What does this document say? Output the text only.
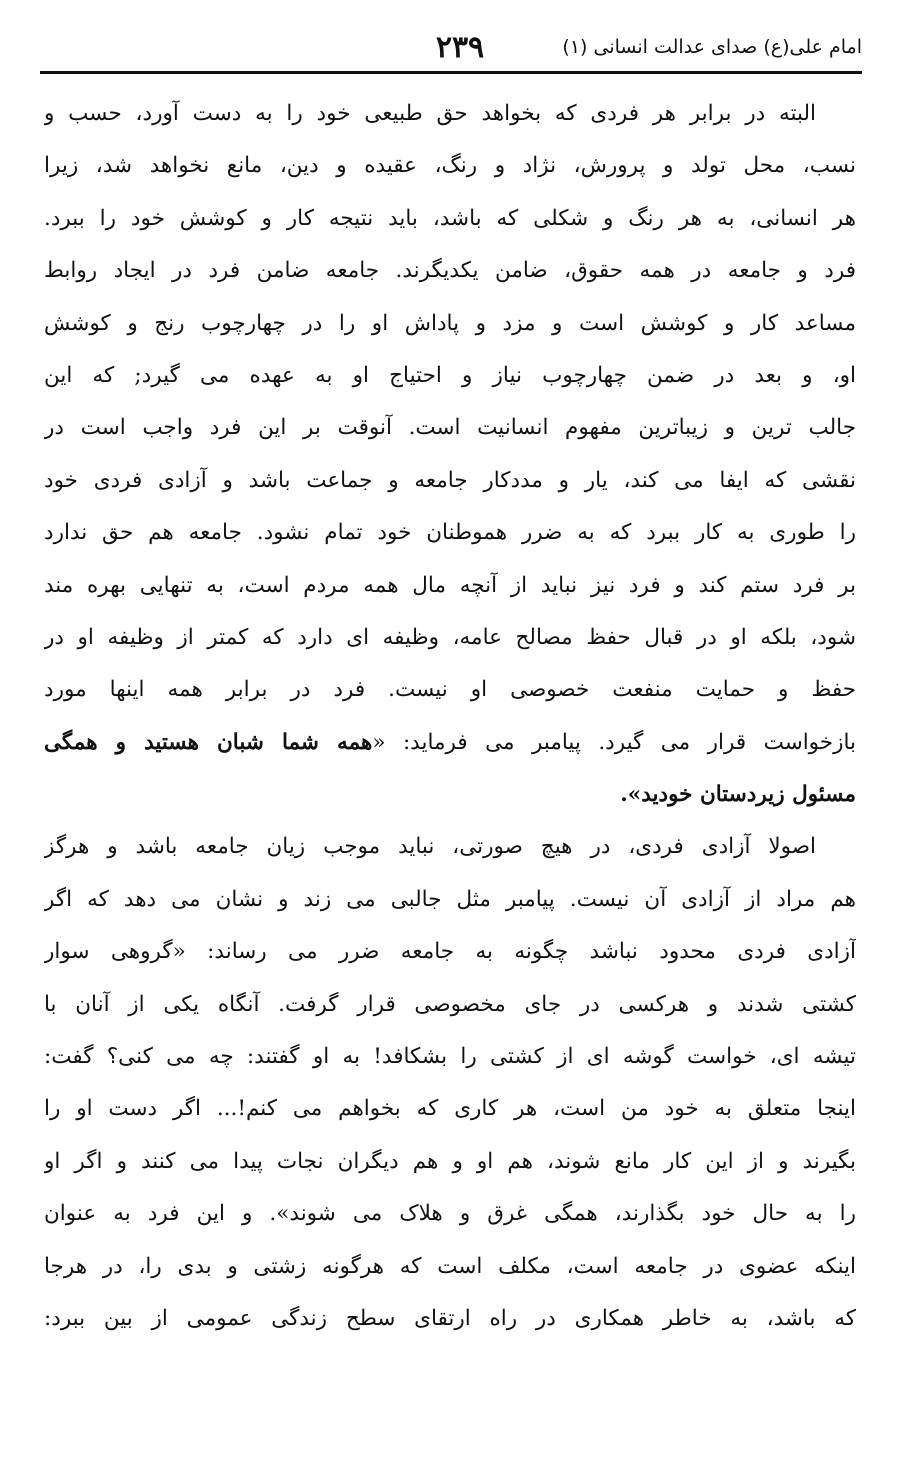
امام علی(ع) صدای عدالت انسانی (۱)
۲۳۹
البته در برابر هر فردی که بخواهد حق طبیعی خود را به دست آورد، حسب و
نسب، محل تولد و پرورش، نژاد و رنگ، عقیده و دین، مانع نخواهد شد، زیرا
هر انسانی، به هر رنگ و شکلی که باشد، باید نتیجه کار و کوشش خود را ببرد.
فرد و جامعه در همه حقوق، ضامن یکدیگرند. جامعه ضامن فرد در ایجاد روابط
مساعد کار و کوشش است و مزد و پاداش او را در چهارچوب رنج و کوشش
او، و بعد در ضمن چهارچوب نیاز و احتیاج او به عهده می گیرد; که این
جالب ترین و زیباترین مفهوم انسانیت است. آنوقت بر این فرد واجب است در
نقشی که ایفا می کند، یار و مددکار جامعه و جماعت باشد و آزادی فردی خود
را طوری به کار ببرد که به ضرر هموطنان خود تمام نشود. جامعه هم حق ندارد
بر فرد ستم کند و فرد نیز نباید از آنچه مال همه مردم است، به تنهایی بهره مند
شود، بلکه او در قبال حفظ مصالح عامه، وظیفه ای دارد که کمتر از وظیفه او در
حفظ و حمایت منفعت خصوصی او نیست. فرد در برابر همه اینها مورد
بازخواست قرار می گیرد. پیامبر می فرماید: «همه شما شبان هستید و همگی
مسئول زیردستان خودید».
اصولا آزادی فردی، در هیچ صورتی، نباید موجب زیان جامعه باشد و هرگز
هم مراد از آزادی آن نیست. پیامبر مثل جالبی می زند و نشان می دهد که اگر
آزادی فردی محدود نباشد چگونه به جامعه ضرر می رساند: «گروهی سوار
کشتی شدند و هرکسی در جای مخصوصی قرار گرفت. آنگاه یکی از آنان با
تیشه ای، خواست گوشه ای از کشتی را بشکافد! به او گفتند: چه می کنی؟ گفت:
اینجا متعلق به خود من است، هر کاری که بخواهم می کنم!... اگر دست او را
بگیرند و از این کار مانع شوند، هم او و هم دیگران نجات پیدا می کنند و اگر او
را به حال خود بگذارند، همگی غرق و هلاک می شوند». و این فرد به عنوان
اینکه عضوی در جامعه است، مکلف است که هرگونه زشتی و بدی را، در هرجا
که باشد، به خاطر همکاری در راه ارتقای سطح زندگی عمومی از بین ببرد:
